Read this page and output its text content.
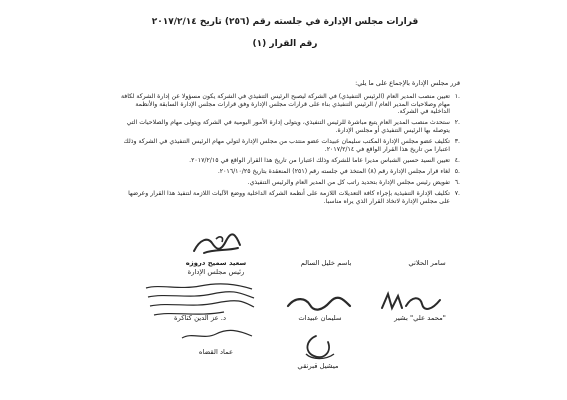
قرارات مجلس الإدارة في جلسته رقم (٢٥٦) تاريخ ٢٠١٧/٢/١٤
رقم القرار (١)
قرر مجلس الإدارة بالإجماع على ما يلي:
١.
تعيين منصب المدير العام (الرئيس التنفيذي) في الشركة ليصبح الرئيس التنفيذي في الشركة يكون مسؤولا عن إدارة الشركة لكافة مهام وصلاحيات المدير العام / الرئيس التنفيذي بناء على قرارات مجلس الإدارة وفق قرارات مجلس الإدارة السابقة والأنظمة الداخلية في الشركة.
٢.
ستحدث منصب المدير العام يتبع مباشرة للرئيس التنفيذي، ويتولى إدارة الأمور اليومية في الشركة ويتولى مهام والصلاحيات التي يتوصله بها الرئيس التنفيذي أو مجلس الإدارة.
٣.
تكليف عضو مجلس الإدارة المكتب سليمان عبيدات عضو منتدب من مجلس الإدارة لتولي مهام الرئيس التنفيذي في الشركة وذلك اعتبارا من تاريخ هذا القرار الواقع في ٢٠١٧/٢/١٤.
٤.
تعيين السيد حسين الشباس مديرا عاما للشركة وذلك اعتبارا من تاريخ هذا القرار الواقع في ٢٠١٧/٢/١٥.
٥.
لغاء قرار مجلس الإدارة رقم (٨) المتخذ في جلسته رقم (٢٥١) المنعقدة بتاريخ ٢٠١٦/١٠/٢٥.
٦.
تفويض رئيس مجلس الإدارة بتحديد راتب كل من المدير العام والرئيس التنفيذي.
٧.
تكليف الإدارة التنفيذية بإجراء كافة التعديلات اللازمة على أنظمة الشركة الداخلية ووضع الآليات اللازمة لتنفيذ هذا القرار وعرضها على مجلس الإدارة لاتخاذ القرار الذي يراه مناسبا.
سعيد سميح دروزه
رئيس مجلس الإدارة
باسم خليل السالم	سامر الحلاني
د. عز الدين كتاكرة	سليمان عبيدات	"محمد علي" بشير
عماد القضاه
ميشيل قبرنقي
